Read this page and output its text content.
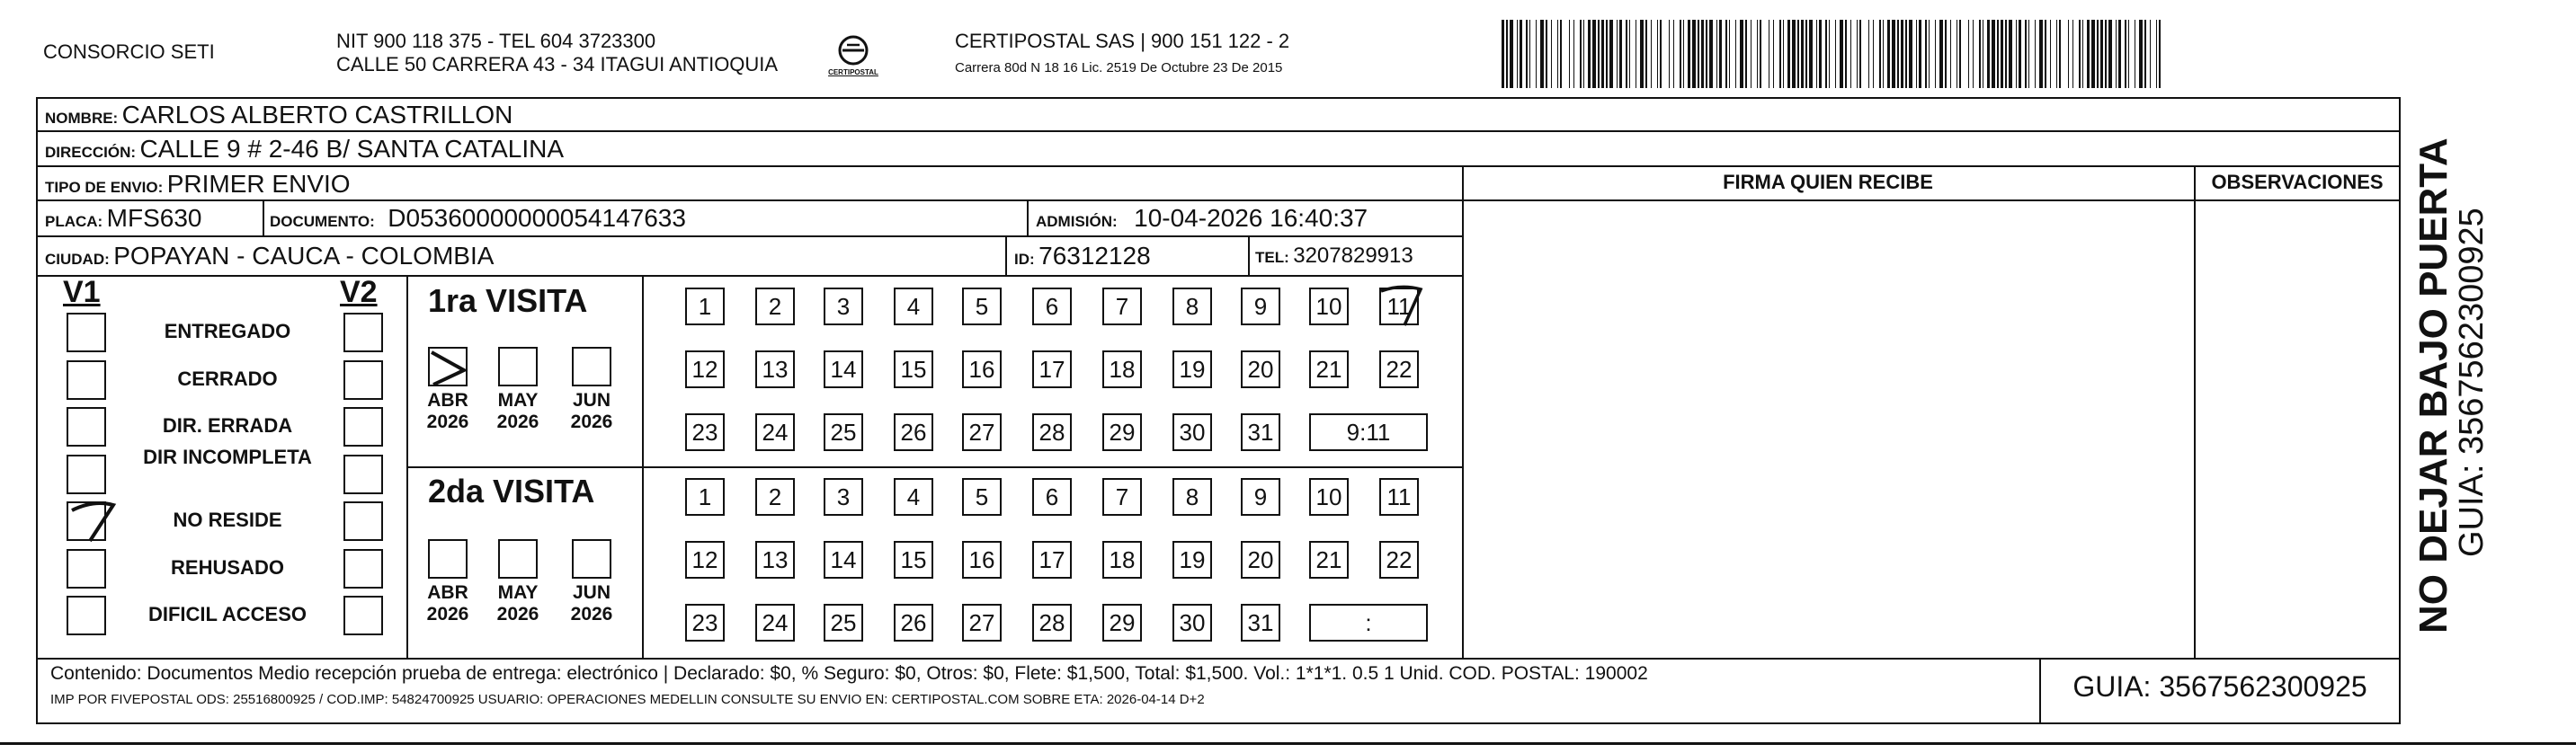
CONSORCIO SETI	NIT 900 118 375 - TEL 604 3723300
CALLE 50 CARRERA 43 - 34 ITAGUI ANTIOQUIA	CERTIPOSTAL
CERTIPOSTAL SAS | 900 151 122 - 2
Carrera 80d N 18 16 Lic. 2519 De Octubre 23 De 2015
NOMBRE: CARLOS ALBERTO CASTRILLON
DIRECCIÓN: CALLE 9 # 2-46 B/ SANTA CATALINA
TIPO DE ENVIO: PRIMER ENVIO
PLACA: MFS630	DOCUMENTO: D05360000000054147633	ADMISIÓN: 10-04-2026 16:40:37
CIUDAD: POPAYAN - CAUCA - COLOMBIA	ID: 76312128	TEL: 3207829913
FIRMA QUIEN RECIBE	OBSERVACIONES
V1	V2
ENTREGADO
CERRADO
DIR. ERRADA
DIR INCOMPLETA
NO RESIDE
REHUSADO
DIFICIL ACCESO
1ra VISITA
2da VISITA
ABR
2026
MAY
2026
JUN
2026
ABR
2026
MAY
2026
JUN
2026
1	2	3	4	5	6	7	8	9	10	11
12 13 14 15 16 17 18 19 20 21 22
23 24 25 26 27 28 29 30 31	9:11
1	2	3	4	5	6	7	8	9	10	11
12 13 14 15 16 17 18 19 20 21 22
23 24 25 26 27 28 29 30 31	:
Contenido: Documentos Medio recepción prueba de entrega: electrónico | Declarado: $0, % Seguro: $0, Otros: $0, Flete: $1,500, Total: $1,500. Vol.: 1*1*1. 0.5 1 Unid. COD. POSTAL: 190002
IMP POR FIVEPOSTAL ODS: 25516800925 / COD.IMP: 54824700925 USUARIO: OPERACIONES MEDELLIN CONSULTE SU ENVIO EN: CERTIPOSTAL.COM SOBRE ETA: 2026-04-14 D+2	GUIA: 3567562300925
NO DEJAR BAJO PUERTA
GUIA: 3567562300925
